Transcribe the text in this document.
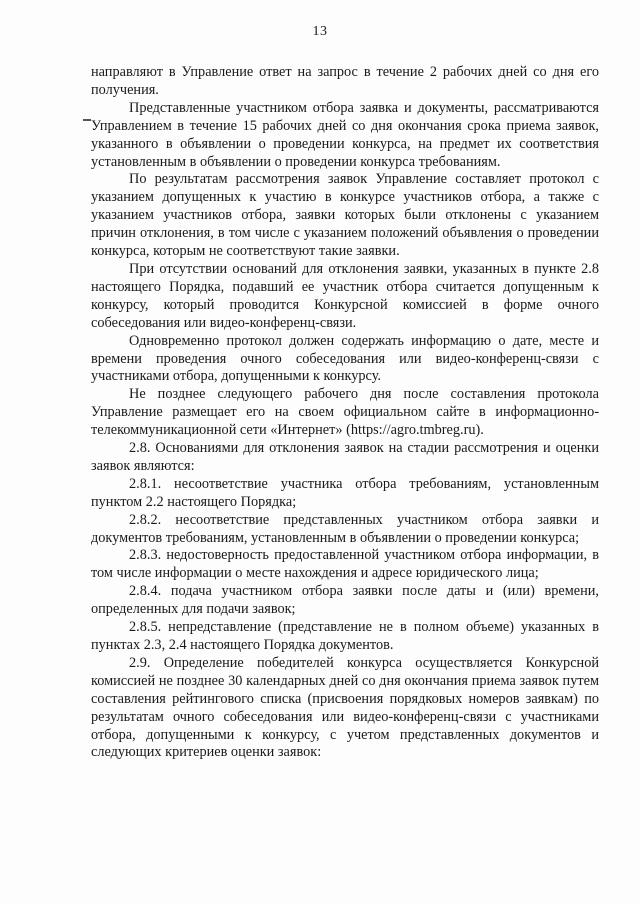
13

направляют в Управление ответ на запрос в течение 2 рабочих дней со дня его получения.

Представленные участником отбора заявка и документы, рассматриваются Управлением в течение 15 рабочих дней со дня окончания срока приема заявок, указанного в объявлении о проведении конкурса, на предмет их соответствия установленным в объявлении о проведении конкурса требованиям.

По результатам рассмотрения заявок Управление составляет протокол с указанием допущенных к участию в конкурсе участников отбора, а также с указанием участников отбора, заявки которых были отклонены с указанием причин отклонения, в том числе с указанием положений объявления о проведении конкурса, которым не соответствуют такие заявки.

При отсутствии оснований для отклонения заявки, указанных в пункте 2.8 настоящего Порядка, подавший ее участник отбора считается допущенным к конкурсу, который проводится Конкурсной комиссией в форме очного собеседования или видео-конференц-связи.

Одновременно протокол должен содержать информацию о дате, месте и времени проведения очного собеседования или видео-конференц-связи с участниками отбора, допущенными к конкурсу.

Не позднее следующего рабочего дня после составления протокола Управление размещает его на своем официальном сайте в информационно-телекоммуникационной сети «Интернет» (https://agro.tmbreg.ru).

2.8. Основаниями для отклонения заявок на стадии рассмотрения и оценки заявок являются:

2.8.1. несоответствие участника отбора требованиям, установленным пунктом 2.2 настоящего Порядка;

2.8.2. несоответствие представленных участником отбора заявки и документов требованиям, установленным в объявлении о проведении конкурса;

2.8.3. недостоверность предоставленной участником отбора информации, в том числе информации о месте нахождения и адресе юридического лица;

2.8.4. подача участником отбора заявки после даты и (или) времени, определенных для подачи заявок;

2.8.5. непредставление (представление не в полном объеме) указанных в пунктах 2.3, 2.4 настоящего Порядка документов.

2.9. Определение победителей конкурса осуществляется Конкурсной комиссией не позднее 30 календарных дней со дня окончания приема заявок путем составления рейтингового списка (присвоения порядковых номеров заявкам) по результатам очного собеседования или видео-конференц-связи с участниками отбора, допущенными к конкурсу, с учетом представленных документов и следующих критериев оценки заявок:
